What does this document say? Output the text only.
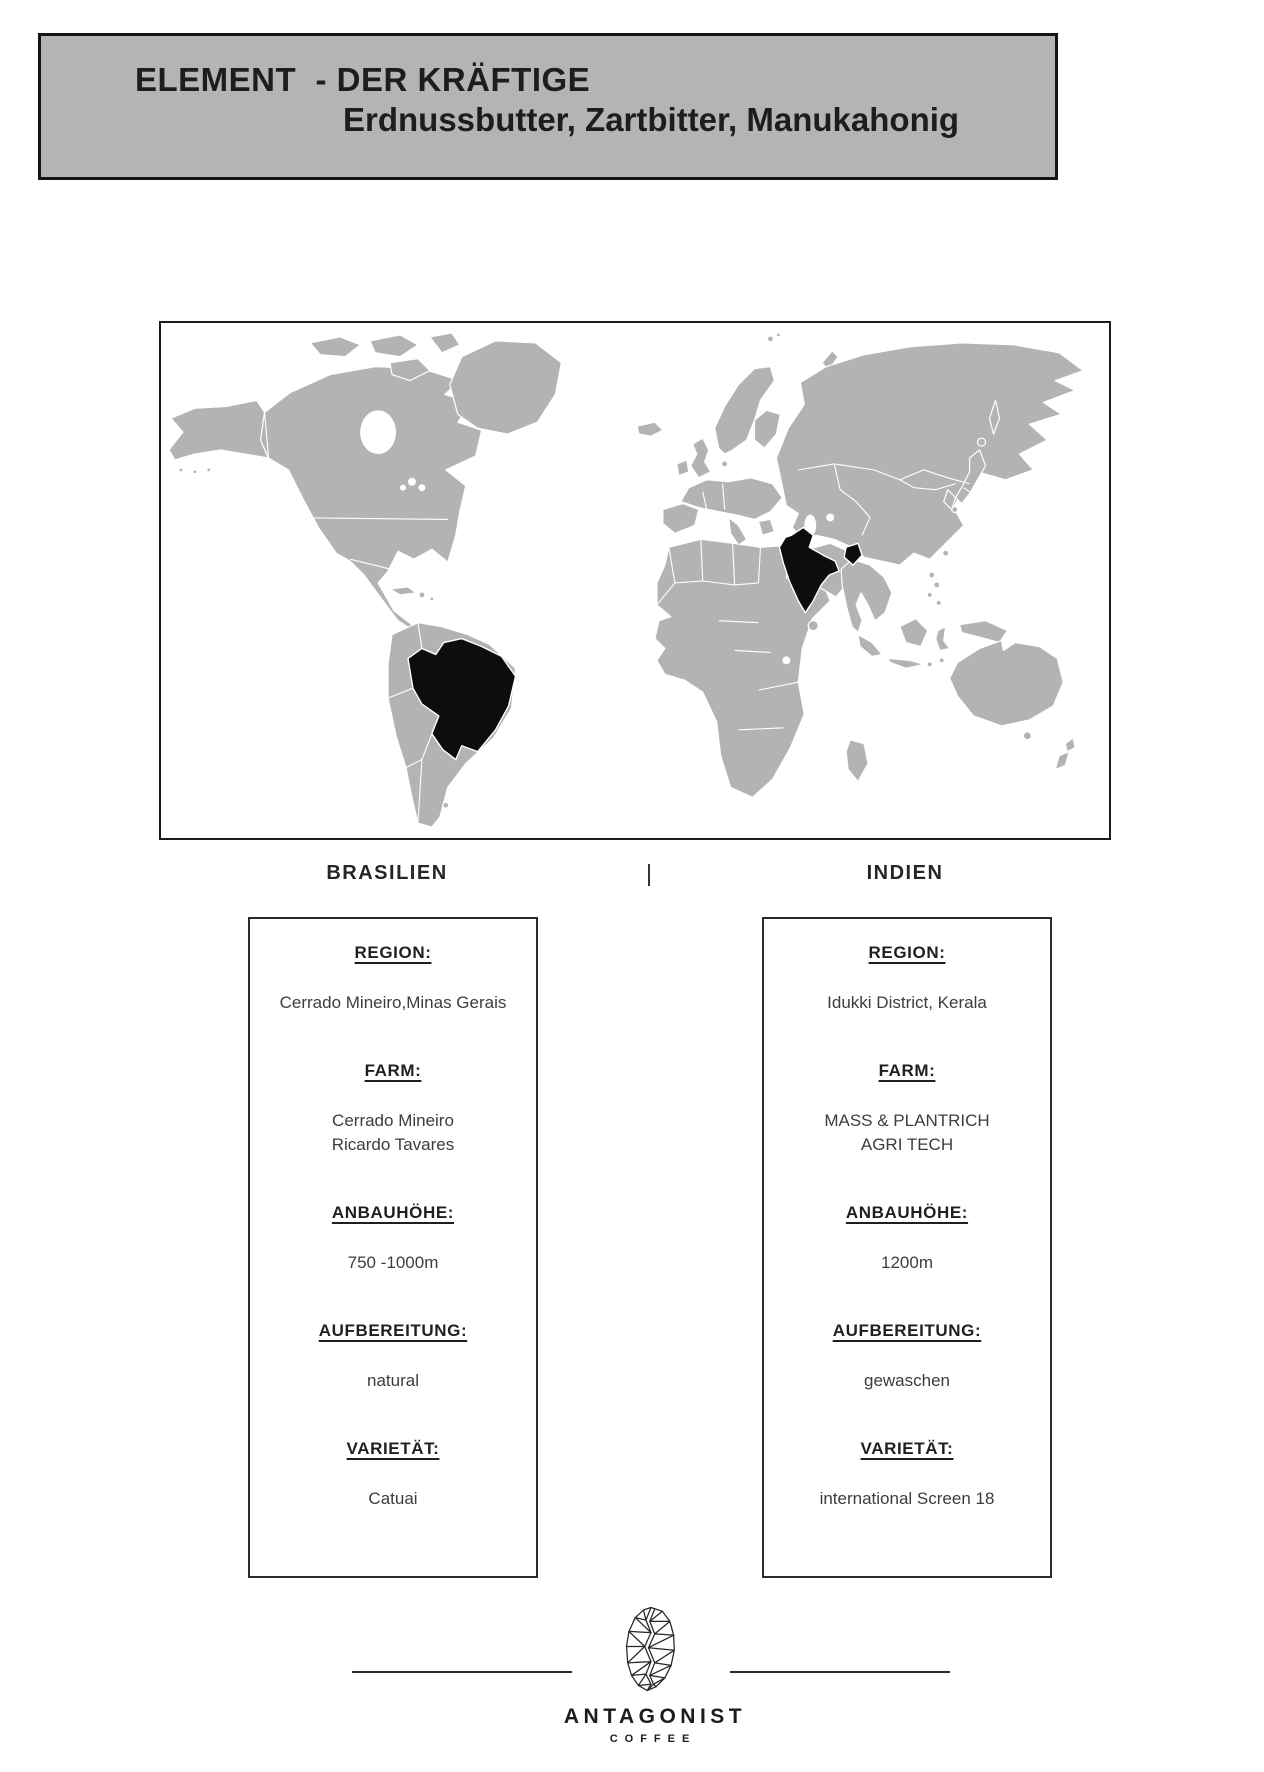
ELEMENT  - DER KRÄFTIGE
Erdnussbutter, Zartbitter, Manukahonig
BRASILIEN	|	INDIEN
REGION:
Cerrado Mineiro,Minas Gerais
FARM:
Cerrado Mineiro
Ricardo Tavares
ANBAUHÖHE:
750 -1000m
AUFBEREITUNG:
natural
VARIETÄT:
Catuai
REGION:
Idukki District, Kerala
FARM:
MASS & PLANTRICH
AGRI TECH
ANBAUHÖHE:
1200m
AUFBEREITUNG:
gewaschen
VARIETÄT:
international Screen 18
ANTAGONIST
COFFEE
